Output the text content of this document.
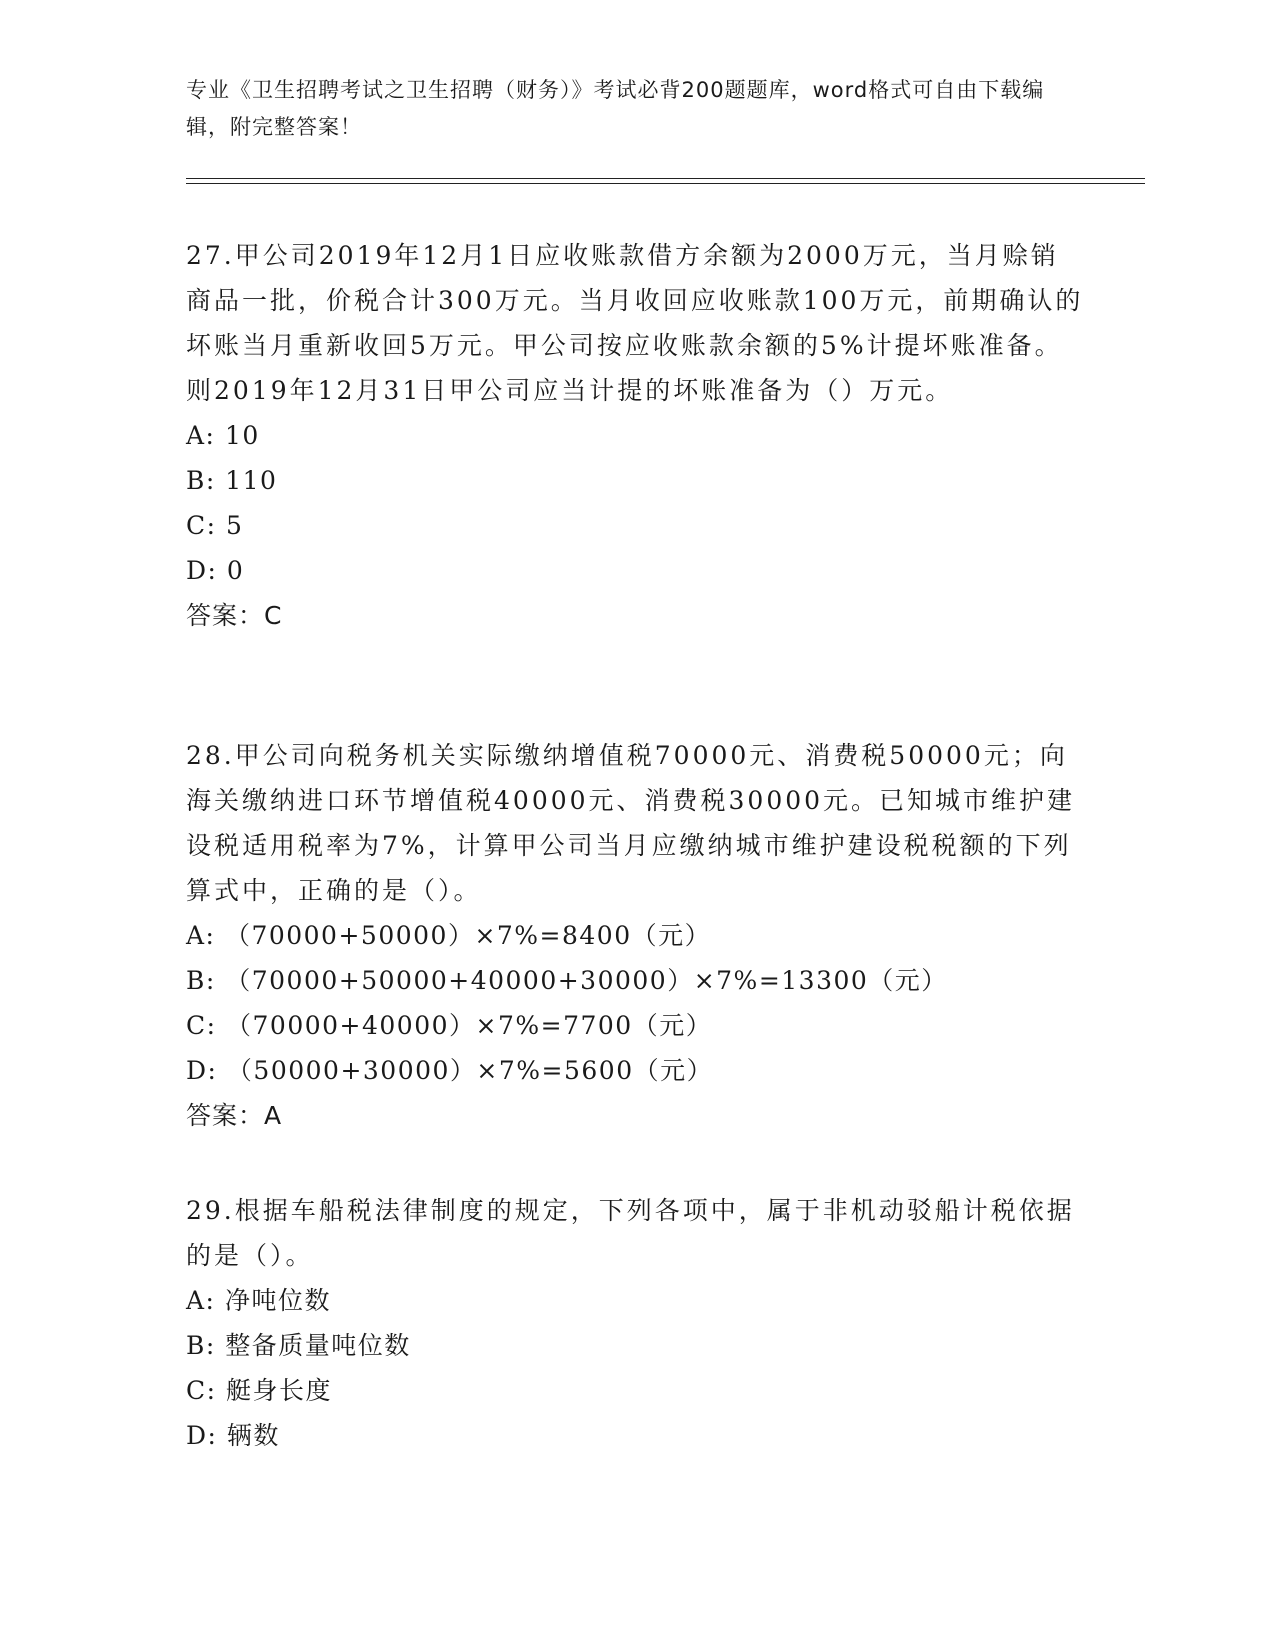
专业《卫生招聘考试之卫生招聘（财务）》考试必背200题题库，word格式可自由下载编辑，附完整答案！
27.甲公司2019年12月1日应收账款借方余额为2000万元，当月赊销商品一批，价税合计300万元。当月收回应收账款100万元，前期确认的坏账当月重新收回5万元。甲公司按应收账款余额的5%计提坏账准备。则2019年12月31日甲公司应当计提的坏账准备为（）万元。
A: 10
B: 110
C: 5
D: 0
答案：C
28.甲公司向税务机关实际缴纳增值税70000元、消费税50000元；向海关缴纳进口环节增值税40000元、消费税30000元。已知城市维护建设税适用税率为7%，计算甲公司当月应缴纳城市维护建设税税额的下列算式中，正确的是（）。
A: （70000+50000）×7%=8400（元）
B: （70000+50000+40000+30000）×7%=13300（元）
C: （70000+40000）×7%=7700（元）
D: （50000+30000）×7%=5600（元）
答案：A
29.根据车船税法律制度的规定，下列各项中，属于非机动驳船计税依据的是（）。
A: 净吨位数
B: 整备质量吨位数
C: 艇身长度
D: 辆数
